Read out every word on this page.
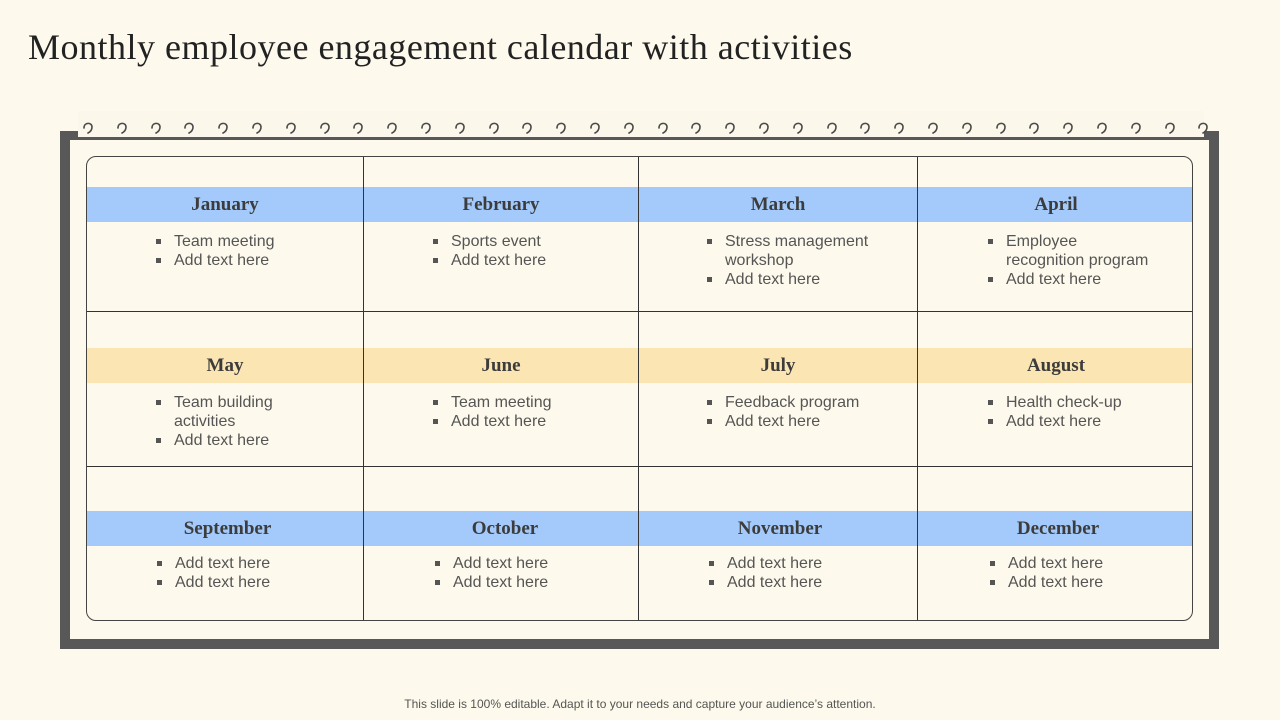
Monthly employee engagement calendar with activities
January
Team meeting
Add text here
February
Sports event
Add text here
March
Stress management workshop
Add text here
April
Employee recognition program
Add text here
May
Team building activities
Add text here
June
Team meeting
Add text here
July
Feedback program
Add text here
August
Health check-up
Add text here
September
Add text here
Add text here
October
Add text here
Add text here
November
Add text here
Add text here
December
Add text here
Add text here
This slide is 100% editable. Adapt it to your needs and capture your audience’s attention.
